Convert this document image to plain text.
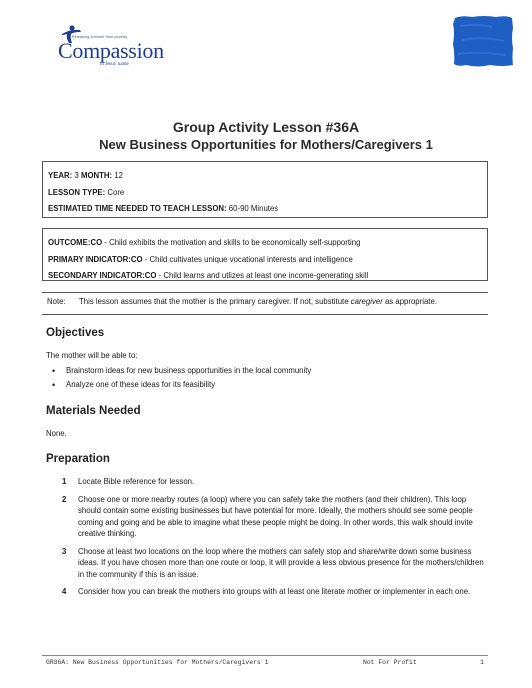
Releasing children from poverty
Compassion
in Jesus' name
Group Activity Lesson #36A
New Business Opportunities for Mothers/Caregivers 1
YEAR: 3 MONTH: 12
LESSON TYPE: Core
ESTIMATED TIME NEEDED TO TEACH LESSON: 60-90 Minutes
OUTCOME:CO - Child exhibits the motivation and skills to be economically self-supporting
PRIMARY INDICATOR:CO - Child cultivates unique vocational interests and intelligence
SECONDARY INDICATOR:CO - Child learns and utlizes at least one income-generating skill
Note: This lesson assumes that the mother is the primary caregiver. If not, substitute caregiver as appropriate.
Objectives
The mother will be able to:
• Brainstorm ideas for new business opportunities in the local community
• Analyze one of these ideas for its feasibility
Materials Needed
None.
Preparation
1 Locate Bible reference for lesson.
2 Choose one or more nearby routes (a loop) where you can safely take the mothers (and their children). This loop should contain some existing businesses but have potential for more. Ideally, the mothers should see some people coming and going and be able to imagine what these people might be doing. In other words, this walk should invite creative thinking.
3 Choose at least two locations on the loop where the mothers can safely stop and share/write down some business ideas. If you have chosen more than one route or loop, it will provide a less obvious presence for the mothers/children in the community if this is an issue.
4 Consider how you can break the mothers into groups with at least one literate mother or implementer in each one.
GR36A: New Business Opportunities for Mothers/Caregivers 1	Not For Profit	1
